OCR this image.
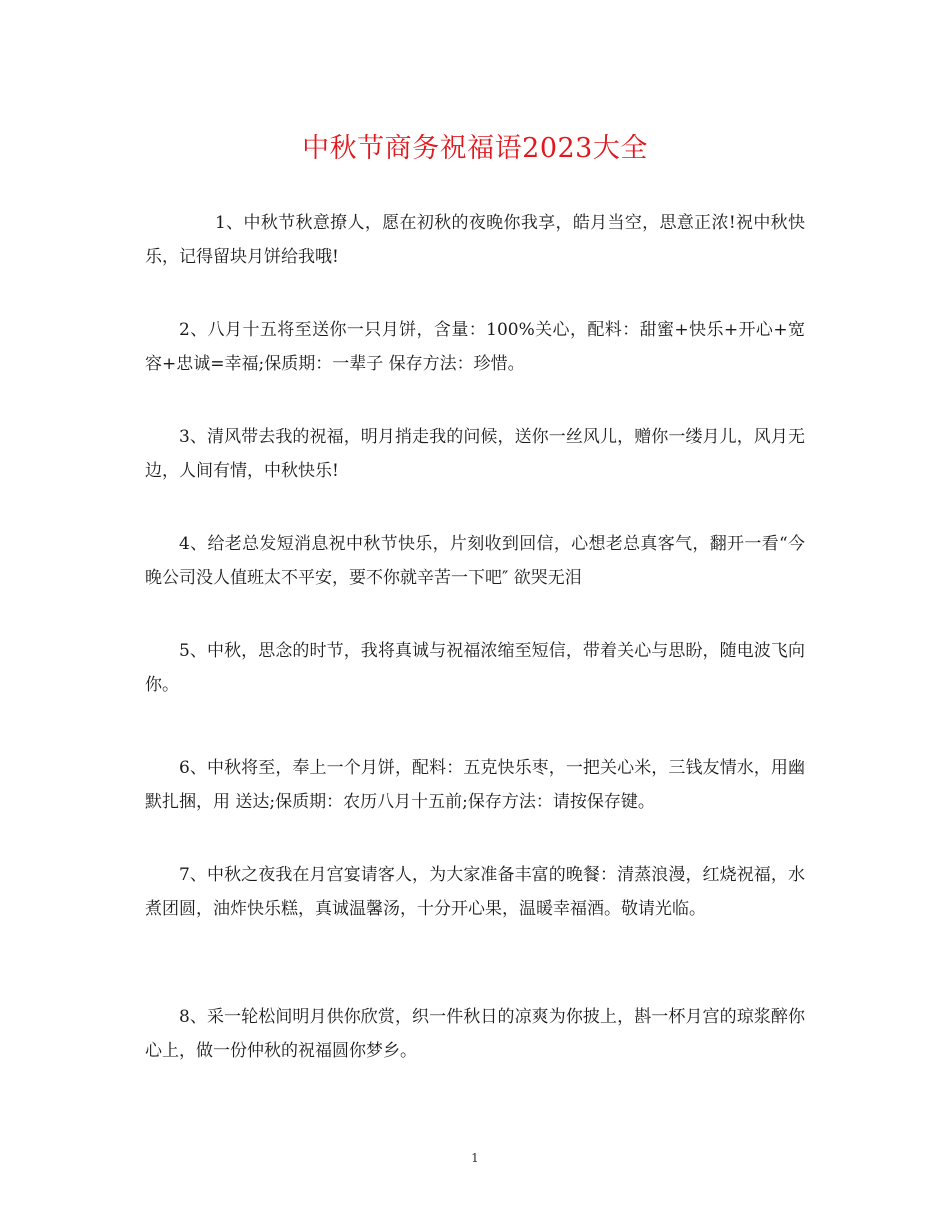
中秋节商务祝福语2023大全

1、中秋节秋意撩人，愿在初秋的夜晚你我享，皓月当空，思意正浓!祝中秋快乐，记得留块月饼给我哦!

2、八月十五将至送你一只月饼，含量：100%关心，配料：甜蜜+快乐+开心+宽容+忠诚=幸福;保质期：一辈子 保存方法：珍惜。

3、清风带去我的祝福，明月捎走我的问候，送你一丝风儿，赠你一缕月儿，风月无边，人间有情，中秋快乐!

4、给老总发短消息祝中秋节快乐，片刻收到回信，心想老总真客气，翻开一看“今晚公司没人值班太不平安，要不你就辛苦一下吧″ 欲哭无泪

5、中秋，思念的时节，我将真诚与祝福浓缩至短信，带着关心与思盼，随电波飞向你。

6、中秋将至，奉上一个月饼，配料：五克快乐枣，一把关心米，三钱友情水，用幽默扎捆，用 送达;保质期：农历八月十五前;保存方法：请按保存键。

7、中秋之夜我在月宫宴请客人，为大家准备丰富的晚餐：清蒸浪漫，红烧祝福，水煮团圆，油炸快乐糕，真诚温馨汤，十分开心果，温暖幸福酒。敬请光临。

8、采一轮松间明月供你欣赏，织一件秋日的凉爽为你披上，斟一杯月宫的琼浆醉你心上，做一份仲秋的祝福圆你梦乡。

1
